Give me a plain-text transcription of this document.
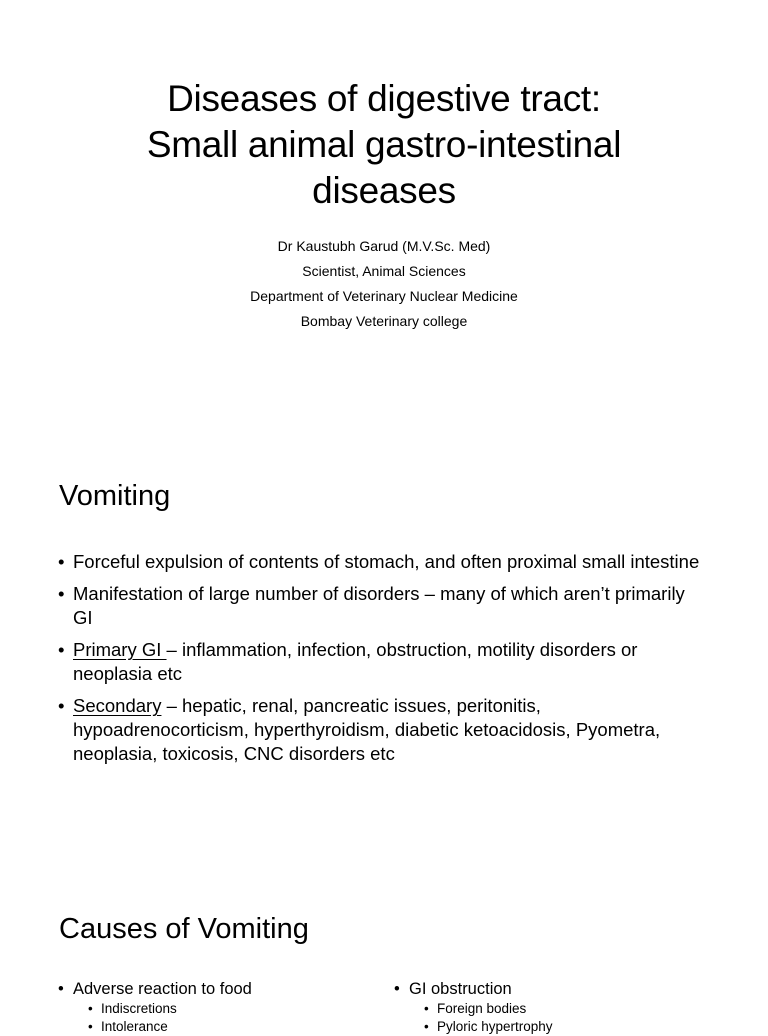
Diseases of digestive tract:
Small animal gastro-intestinal
diseases
Dr Kaustubh Garud (M.V.Sc. Med)
Scientist, Animal Sciences
Department of Veterinary Nuclear Medicine
Bombay Veterinary college
Vomiting
• Forceful expulsion of contents of stomach, and often proximal small intestine
• Manifestation of large number of disorders – many of which aren’t primarily GI
• Primary GI – inflammation, infection, obstruction, motility disorders or neoplasia etc
• Secondary – hepatic, renal, pancreatic issues, peritonitis, hypoadrenocorticism, hyperthyroidism, diabetic ketoacidosis, Pyometra, neoplasia, toxicosis, CNC disorders etc
Causes of Vomiting
• Adverse reaction to food
• Indiscretions
• Intolerance
• GI obstruction
• Foreign bodies
• Pyloric hypertrophy
